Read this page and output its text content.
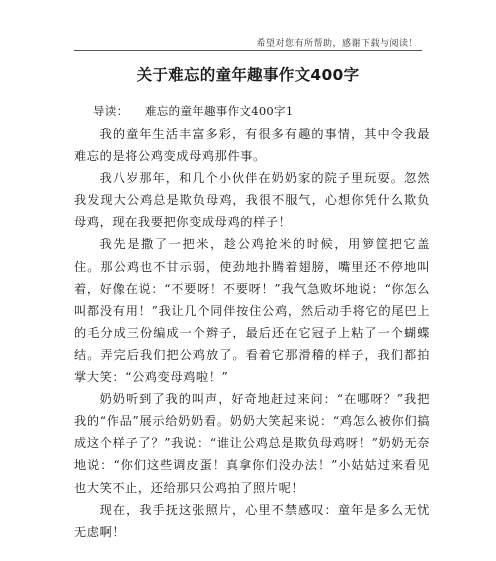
希望对您有所帮助，感谢下载与阅读！
关于难忘的童年趣事作文400字
导读： 难忘的童年趣事作文400字1

我的童年生活丰富多彩，有很多有趣的事情，其中令我最难忘的是将公鸡变成母鸡那件事。

我八岁那年，和几个小伙伴在奶奶家的院子里玩耍。忽然我发现大公鸡总是欺负母鸡，我很不服气，心想你凭什么欺负母鸡，现在我要把你变成母鸡的样子！

我先是撒了一把米，趁公鸡抢米的时候，用箩筐把它盖住。那公鸡也不甘示弱，使劲地扑腾着翅膀，嘴里还不停地叫着，好像在说：“不要呀！不要呀！”我气急败坏地说：“你怎么叫都没有用！”我让几个同伴按住公鸡，然后动手将它的尾巴上的毛分成三份编成一个辫子，最后还在它冠子上粘了一个蝴蝶结。弄完后我们把公鸡放了。看着它那滑稽的样子，我们都拍掌大笑：“公鸡变母鸡啦！”

奶奶听到了我的叫声，好奇地赶过来问：“在哪呀？”我把我的“作品”展示给奶奶看。奶奶大笑起来说：“鸡怎么被你们搞成这个样子了？”我说：“谁让公鸡总是欺负母鸡呀！”奶奶无奈地说：“你们这些调皮蛋！真拿你们没办法！”小姑姑过来看见也大笑不止，还给那只公鸡拍了照片呢！

现在，我手抚这张照片，心里不禁感叹：童年是多么无忧无虑啊！
